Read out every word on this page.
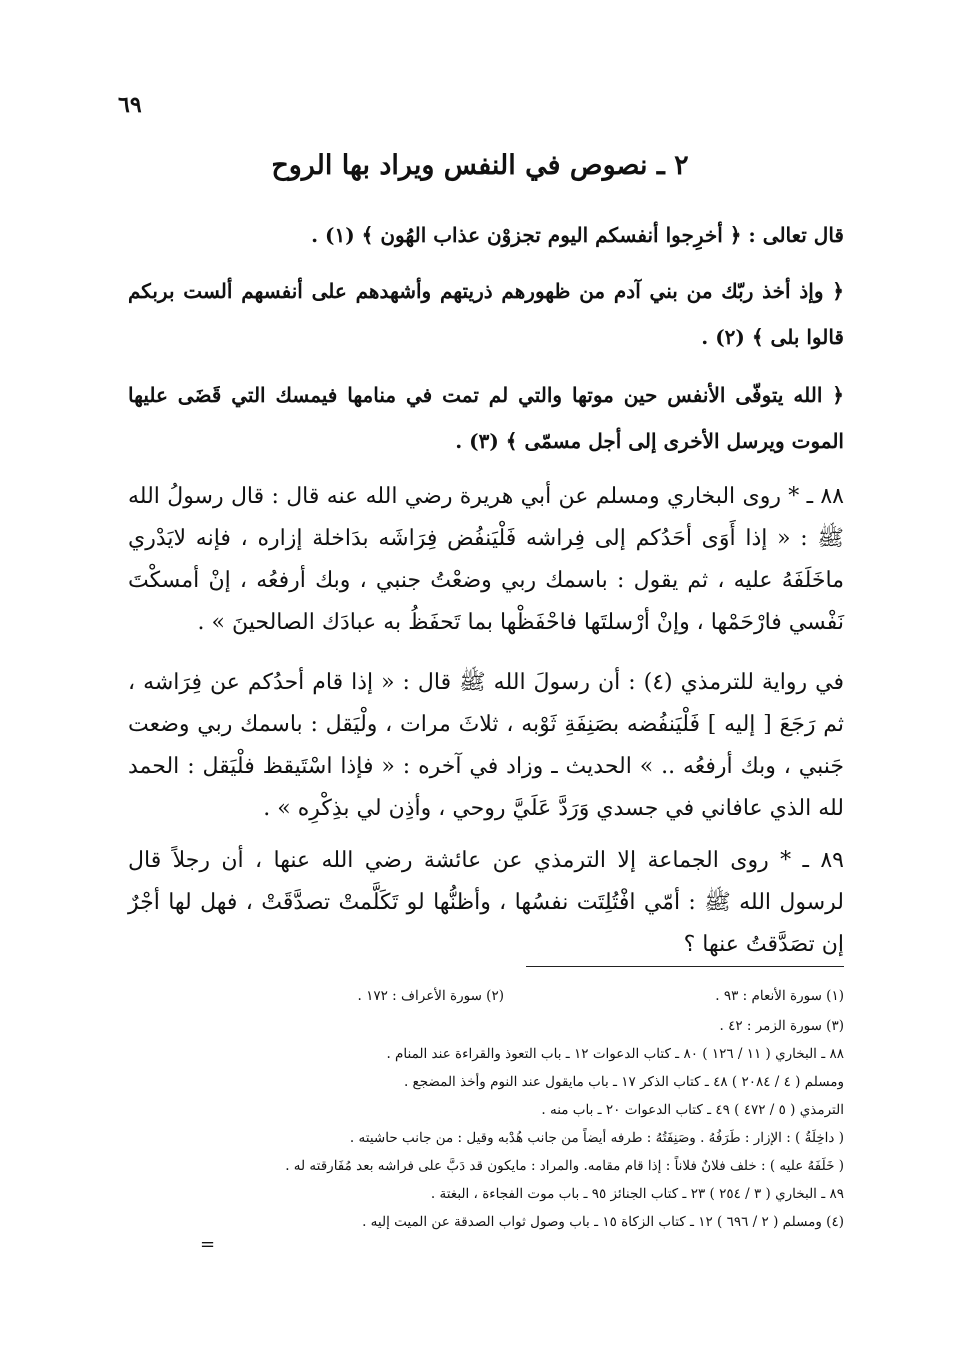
٦٩
٢ ـ نصوص في النفس ويراد بها الروح
قال تعالى : ﴿ أخرِجوا أنفسكم اليوم تجزوْن عذاب الهُون ﴾ (١) .
﴿ وإذ أخذ ربّك من بني آدم من ظهورهم ذريتهم وأشهدهم على أنفسهم ألست بربكم قالوا بلى ﴾ (٢) .
﴿ الله يتوفّى الأنفس حين موتها والتي لم تمت في منامها فيمسك التي قَضَى عليها الموت ويرسل الأخرى إلى أجل مسمّى ﴾ (٣) .
٨٨ ـ * روى البخاري ومسلم عن أبي هريرة رضي الله عنه قال : قال رسولُ الله ﷺ : « إذا أَوَى أحَدُكم إلى فِراشه فَلْيَنفُض فِرَاشَه بدَاخلة إزاره ، فإنه لايَدْري ماخَلَفَهُ عليه ، ثم يقول : باسمك ربي وضعْتُ جنبي ، وبك أرفعُه ، إنْ أمسكْتَ نَفْسي فارْحَمْها ، وإنْ أرْسلتَها فاحْفَظْها بما تَحفَظُ به عبادَك الصالحينَ » .
في رواية للترمذي (٤) : أن رسولَ الله ﷺ قال : « إذا قام أحدُكم عن فِرَاشه ، ثم رَجَعَ [ إليه ] فَلْيَنفُضه بصَنِفَةِ ثَوْبه ، ثلاثَ مرات ، ولْيَقل : باسمك ربي وضعت جَنبي ، وبك أرفعُه .. » الحديث ـ وزاد في آخره : « فإذا اسْتَيقظ فلْيَقل : الحمد لله الذي عافاني في جسدي وَرَدَّ عَلَيَّ روحي ، وأذِن لي بذِكْرِه » .
٨٩ ـ * روى الجماعة إلا الترمذي عن عائشة رضي الله عنها ، أن رجلاً قال لرسول الله ﷺ : أمّي افْتُلِتَت نفسُها ، وأظنُّها لو تَكَلَّمتْ تصدَّقَتْ ، فهل لها أجْرٌ إن تصَدَّقتُ عنها ؟
(١) سورة الأنعام : ٩٣ .
(٢) سورة الأعراف : ١٧٢ .
(٣) سورة الزمر : ٤٢ .
٨٨ ـ البخاري ( ١١ / ١٢٦ ) ٨٠ ـ كتاب الدعوات ١٢ ـ باب التعوذ والقراءة عند المنام .
ومسلم ( ٤ / ٢٠٨٤ ) ٤٨ ـ كتاب الذكر ١٧ ـ باب مايقول عند النوم وأخذ المضجع .
الترمذي ( ٥ / ٤٧٢ ) ٤٩ ـ كتاب الدعوات ٢٠ ـ باب منه .
( داخِلَةُ ) : الإزار : طَرَفُهُ . وصَنِفَتُهُ : طرفه أيضاً من جانب هُدْبه وقيل : من جانب حاشيته .
( خَلَفَهُ عليه ) : خلف فلانٌ فلاناً : إذا قام مقامه. والمراد : مايكون قد دَبَّ على فراشه بعد مُفَارقته له .
٨٩ ـ البخاري ( ٣ / ٢٥٤ ) ٢٣ ـ كتاب الجنائز ٩٥ ـ باب موت الفجاءة ، البغتة .
(٤) ومسلم ( ٢ / ٦٩٦ ) ١٢ ـ كتاب الزكاة ١٥ ـ باب وصول ثواب الصدقة عن الميت إليه .
=
